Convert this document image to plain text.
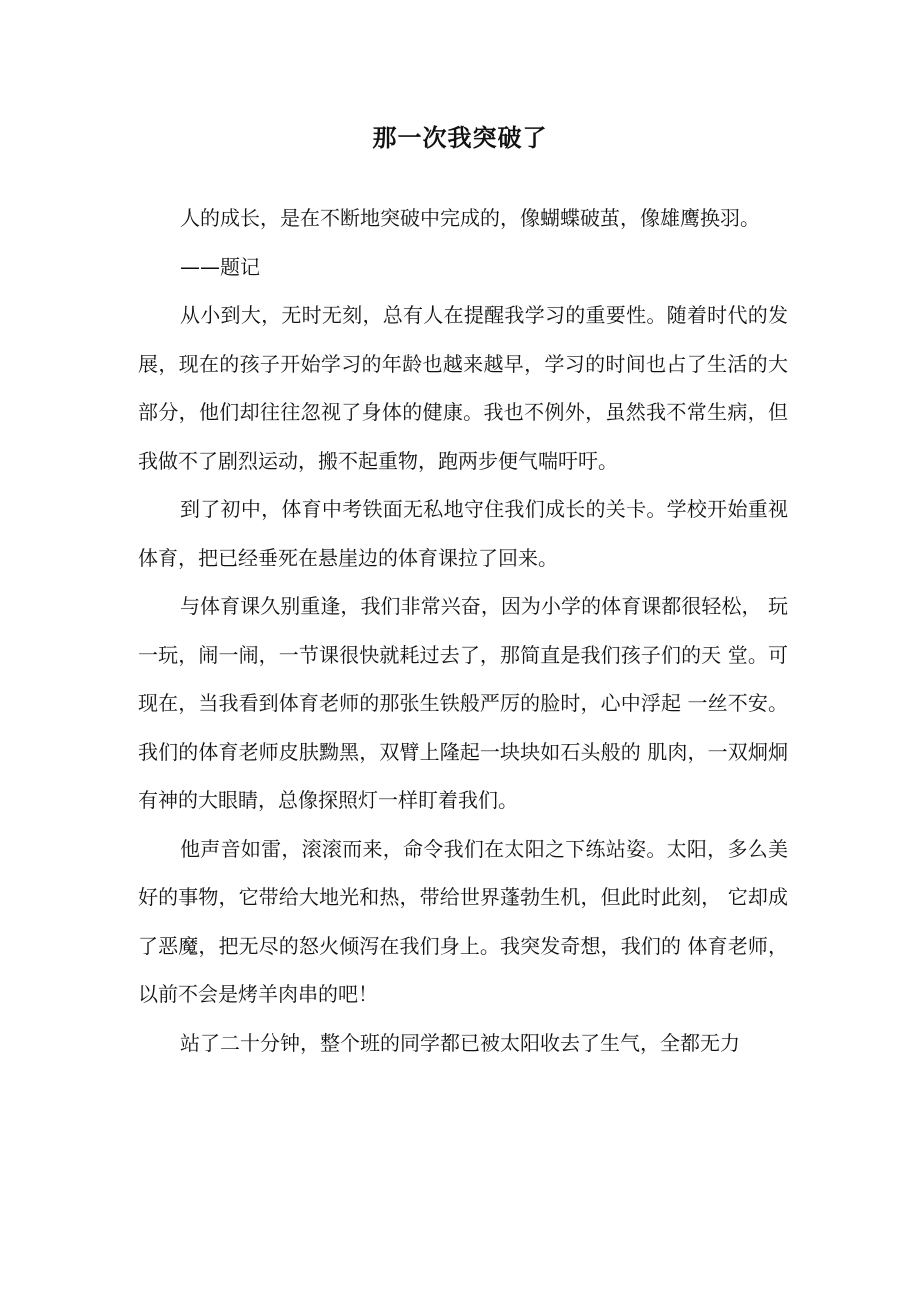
那一次我突破了

人的成长，是在不断地突破中完成的，像蝴蝶破茧，像雄鹰换羽。

——题记

从小到大，无时无刻，总有人在提醒我学习的重要性。随着时代的发展，现在的孩子开始学习的年龄也越来越早，学习的时间也占了生活的大部分，他们却往往忽视了身体的健康。我也不例外，虽然我不常生病，但我做不了剧烈运动，搬不起重物，跑两步便气喘吁吁。

到了初中，体育中考铁面无私地守住我们成长的关卡。学校开始重视体育，把已经垂死在悬崖边的体育课拉了回来。

与体育课久别重逢，我们非常兴奋，因为小学的体育课都很轻松， 玩一玩，闹一闹，一节课很快就耗过去了，那简直是我们孩子们的天 堂。可现在，当我看到体育老师的那张生铁般严厉的脸时，心中浮起 一丝不安。我们的体育老师皮肤黝黑，双臂上隆起一块块如石头般的 肌肉，一双炯炯有神的大眼睛，总像探照灯一样盯着我们。

他声音如雷，滚滚而来，命令我们在太阳之下练站姿。太阳，多么美好的事物，它带给大地光和热，带给世界蓬勃生机，但此时此刻， 它却成了恶魔，把无尽的怒火倾泻在我们身上。我突发奇想，我们的 体育老师，以前不会是烤羊肉串的吧！

站了二十分钟，整个班的同学都已被太阳收去了生气，全都无力
